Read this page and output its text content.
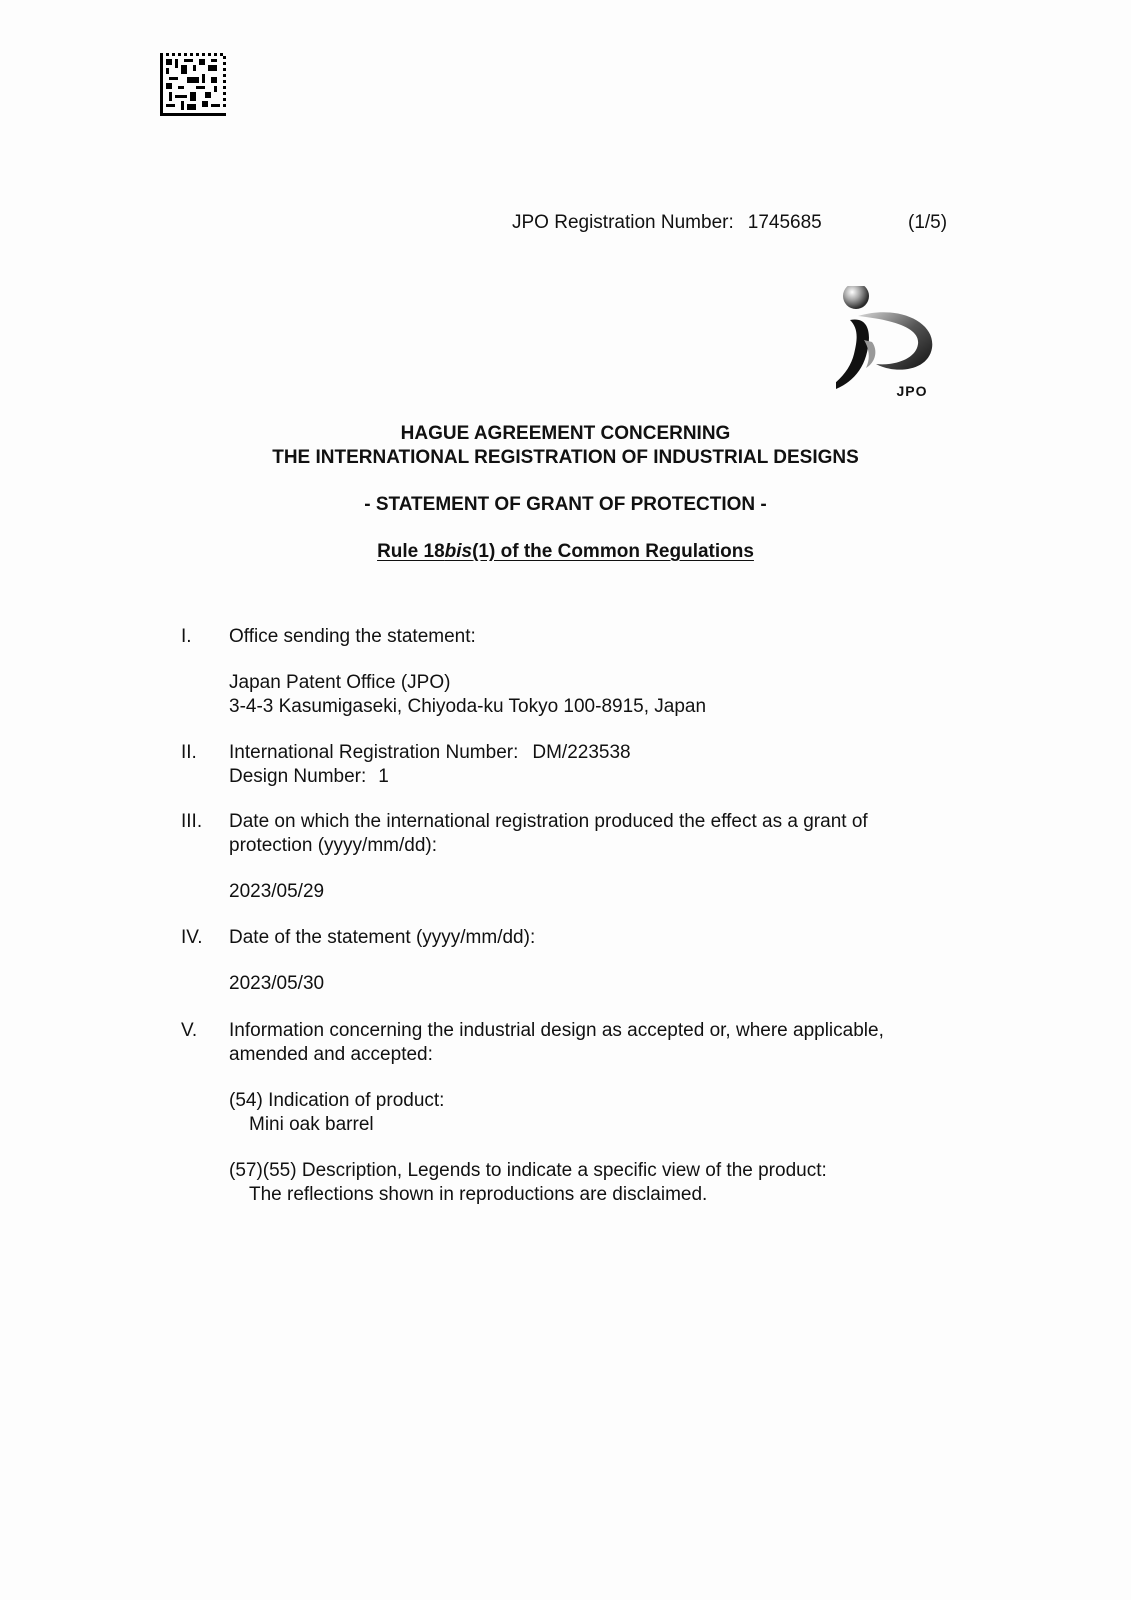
JPO Registration Number: 1745685	(1/5)
JPO
HAGUE AGREEMENT CONCERNING
THE INTERNATIONAL REGISTRATION OF INDUSTRIAL DESIGNS
- STATEMENT OF GRANT OF PROTECTION -
Rule 18bis(1) of the Common Regulations
I. Office sending the statement:

Japan Patent Office (JPO)

3-4-3 Kasumigaseki, Chiyoda-ku Tokyo 100-8915, Japan

II. International Registration Number: DM/223538

Design Number: 1

III. Date on which the international registration produced the effect as a grant of

protection (yyyy/mm/dd):

2023/05/29

IV. Date of the statement (yyyy/mm/dd):

2023/05/30

V. Information concerning the industrial design as accepted or, where applicable,

amended and accepted:

(54) Indication of product:

Mini oak barrel

(57)(55) Description, Legends to indicate a specific view of the product:

The reflections shown in reproductions are disclaimed.
